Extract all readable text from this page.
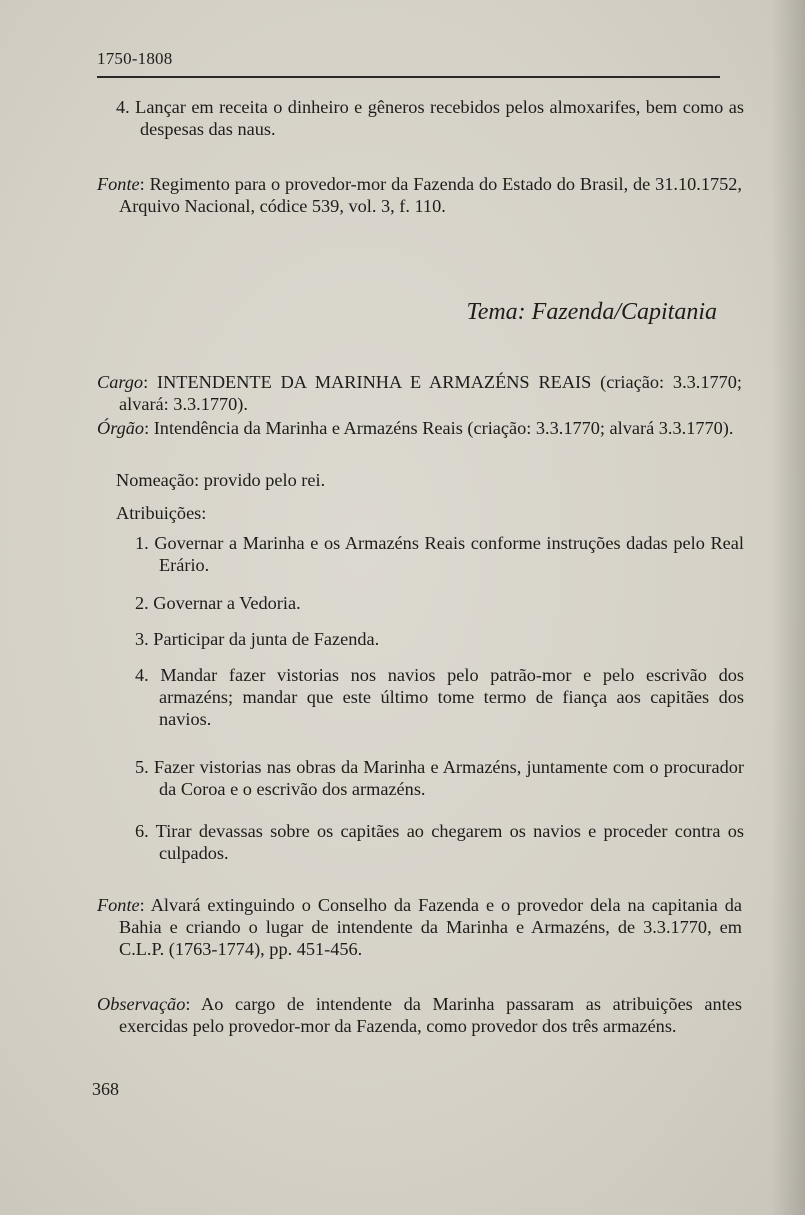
1750-1808
4. Lançar em receita o dinheiro e gêneros recebidos pelos almoxarifes, bem como as despesas das naus.
Fonte: Regimento para o provedor-mor da Fazenda do Estado do Brasil, de 31.10.1752, Arquivo Nacional, códice 539, vol. 3, f. 110.
Tema: Fazenda/Capitania
Cargo: INTENDENTE DA MARINHA E ARMAZÉNS REAIS (criação: 3.3.1770; alvará: 3.3.1770).
Órgão: Intendência da Marinha e Armazéns Reais (criação: 3.3.1770; alvará 3.3.1770).
Nomeação: provido pelo rei.
Atribuições:
1. Governar a Marinha e os Armazéns Reais conforme instruções dadas pelo Real Erário.
2. Governar a Vedoria.
3. Participar da junta de Fazenda.
4. Mandar fazer vistorias nos navios pelo patrão-mor e pelo escrivão dos armazéns; mandar que este último tome termo de fiança aos capitães dos navios.
5. Fazer vistorias nas obras da Marinha e Armazéns, juntamente com o procurador da Coroa e o escrivão dos armazéns.
6. Tirar devassas sobre os capitães ao chegarem os navios e proceder contra os culpados.
Fonte: Alvará extinguindo o Conselho da Fazenda e o provedor dela na capitania da Bahia e criando o lugar de intendente da Marinha e Armazéns, de 3.3.1770, em C.L.P. (1763-1774), pp. 451-456.
Observação: Ao cargo de intendente da Marinha passaram as atribuições antes exercidas pelo provedor-mor da Fazenda, como provedor dos três armazéns.
368
